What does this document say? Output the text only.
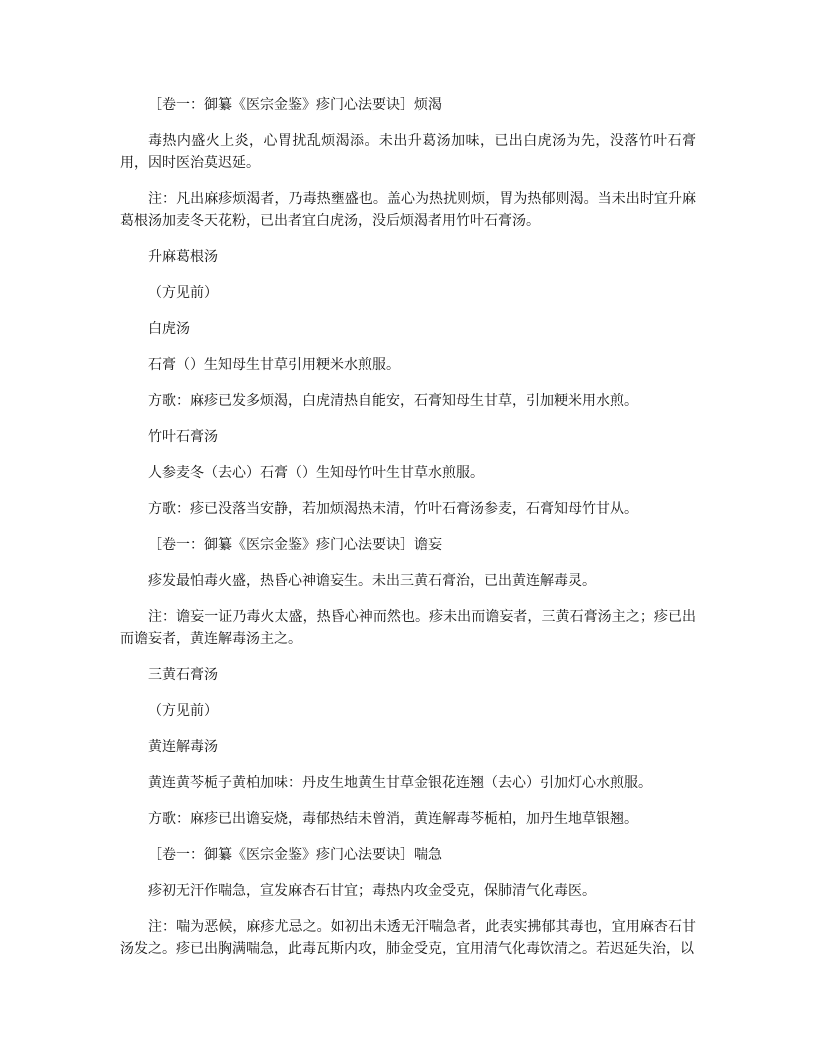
［卷一：御纂《医宗金鉴》疹门心法要诀］烦渴

毒热内盛火上炎，心胃扰乱烦渴添。未出升葛汤加味，已出白虎汤为先，没落竹叶石膏用，因时医治莫迟延。

注：凡出麻疹烦渴者，乃毒热壅盛也。盖心为热扰则烦，胃为热郁则渴。当未出时宜升麻葛根汤加麦冬天花粉，已出者宜白虎汤，没后烦渴者用竹叶石膏汤。

升麻葛根汤

（方见前）

白虎汤

石膏（）生知母生甘草引用粳米水煎服。

方歌：麻疹已发多烦渴，白虎清热自能安，石膏知母生甘草，引加粳米用水煎。

竹叶石膏汤

人参麦冬（去心）石膏（）生知母竹叶生甘草水煎服。

方歌：疹已没落当安静，若加烦渴热未清，竹叶石膏汤参麦，石膏知母竹甘从。

［卷一：御纂《医宗金鉴》疹门心法要诀］谵妄

疹发最怕毒火盛，热昏心神谵妄生。未出三黄石膏治，已出黄连解毒灵。

注：谵妄一证乃毒火太盛，热昏心神而然也。疹未出而谵妄者，三黄石膏汤主之；疹已出而谵妄者，黄连解毒汤主之。

三黄石膏汤

（方见前）

黄连解毒汤

黄连黄芩栀子黄柏加味：丹皮生地黄生甘草金银花连翘（去心）引加灯心水煎服。

方歌：麻疹已出谵妄烧，毒郁热结未曾消，黄连解毒芩栀柏，加丹生地草银翘。

［卷一：御纂《医宗金鉴》疹门心法要诀］喘急

疹初无汗作喘急，宣发麻杏石甘宜；毒热内攻金受克，保肺清气化毒医。

注：喘为恶候，麻疹尤忌之。如初出未透无汗喘急者，此表实拂郁其毒也，宜用麻杏石甘汤发之。疹已出胸满喘急，此毒瓦斯内攻，肺金受克，宜用清气化毒饮清之。若迟延失治，以
